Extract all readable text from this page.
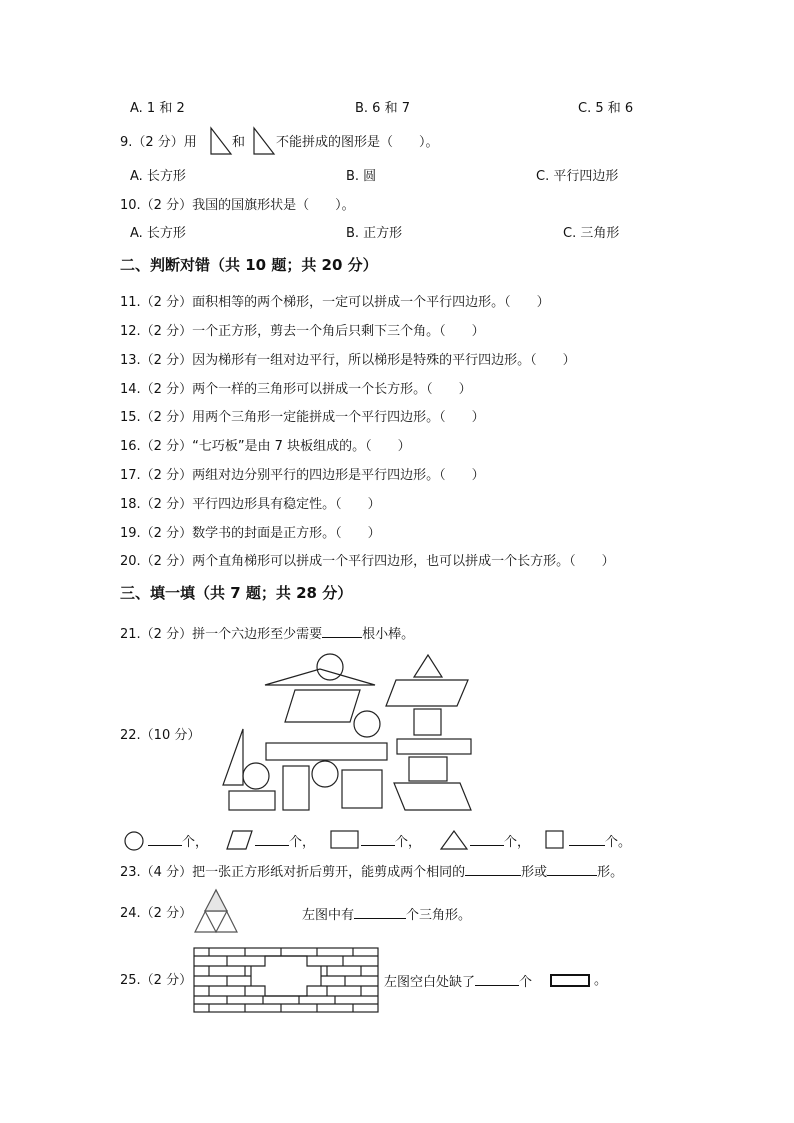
A. 1 和 2	B. 6 和 7	C. 5 和 6
9.（2 分）用	和 不能拼成的图形是（　　）。
A. 长方形	B. 圆	C. 平行四边形
10.（2 分）我国的国旗形状是（　　）。
A. 长方形	B. 正方形	C. 三角形
二、判断对错（共 10 题；共 20 分）
11.（2 分）面积相等的两个梯形，一定可以拼成一个平行四边形。（　　）
12.（2 分）一个正方形，剪去一个角后只剩下三个角。（　　）
13.（2 分）因为梯形有一组对边平行，所以梯形是特殊的平行四边形。（　　）
14.（2 分）两个一样的三角形可以拼成一个长方形。（　　）
15.（2 分）用两个三角形一定能拼成一个平行四边形。（　　）
16.（2 分）“七巧板”是由 7 块板组成的。（　　）
17.（2 分）两组对边分别平行的四边形是平行四边形。（　　）
18.（2 分）平行四边形具有稳定性。（　　）
19.（2 分）数学书的封面是正方形。（　　）
20.（2 分）两个直角梯形可以拼成一个平行四边形，也可以拼成一个长方形。（　　）
三、填一填（共 7 题；共 28 分）
21.（2 分）拼一个六边形至少需要	根小棒。
22.（10 分）
个，	个，	个，	个，	个。
23.（4 分）把一张正方形纸对折后剪开，能剪成两个相同的	形或	形。
24.（2 分）	左图中有	个三角形。
25.（2 分）	左图空白处缺了	个	。
